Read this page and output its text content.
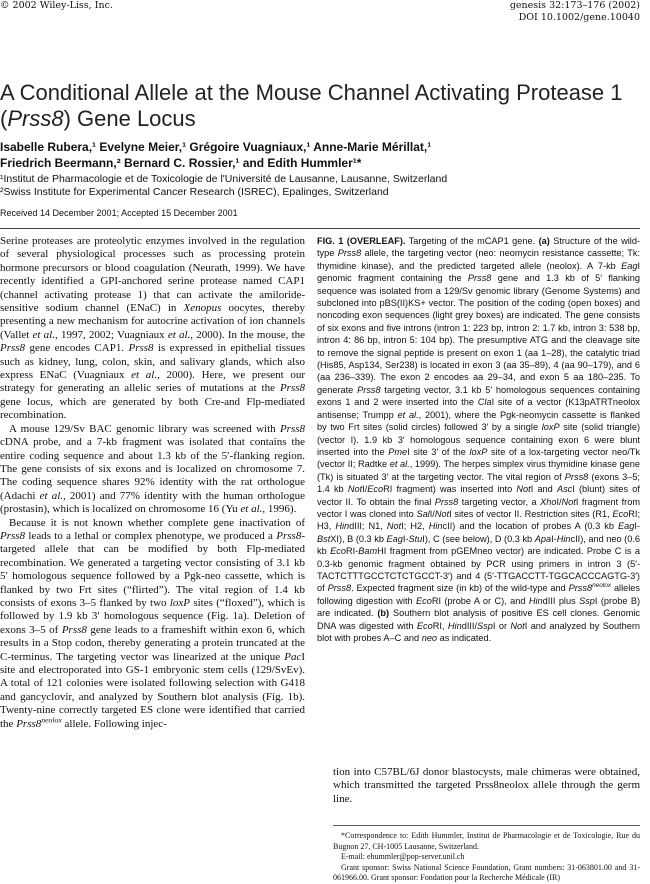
© 2002 Wiley-Liss, Inc.	genesis 32:173–176 (2002)
DOI 10.1002/gene.10040
A Conditional Allele at the Mouse Channel Activating Protease 1 (Prss8) Gene Locus
Isabelle Rubera,¹ Evelyne Meier,¹ Grégoire Vuagniaux,¹ Anne-Marie Mérillat,¹
Friedrich Beermann,² Bernard C. Rossier,¹ and Edith Hummler¹*
¹Institut de Pharmacologie et de Toxicologie de l'Université de Lausanne, Lausanne, Switzerland
²Swiss Institute for Experimental Cancer Research (ISREC), Epalinges, Switzerland
Received 14 December 2001; Accepted 15 December 2001

Serine proteases are proteolytic enzymes involved in the regulation of several physiological processes such as processing protein hormone precursors or blood coagulation (Neurath, 1999). We have recently identified a GPI-anchored serine protease named CAP1 (channel activating protease 1) that can activate the amiloride-sensitive sodium channel (ENaC) in Xenopus oocytes, thereby presenting a new mechanism for autocrine activation of ion channels (Vallet et al., 1997, 2002; Vuagniaux et al., 2000). In the mouse, the Prss8 gene encodes CAP1. Prss8 is expressed in epithelial tissues such as kidney, lung, colon, skin, and salivary glands, which also express ENaC (Vuagniaux et al., 2000). Here, we present our strategy for generating an allelic series of mutations at the Prss8 gene locus, which are generated by both Cre-and Flp-mediated recombination.

A mouse 129/Sv BAC genomic library was screened with Prss8 cDNA probe, and a 7-kb fragment was isolated that contains the entire coding sequence and about 1.3 kb of the 5′-flanking region. The gene consists of six exons and is localized on chromosome 7. The coding sequence shares 92% identity with the rat orthologue (Adachi et al., 2001) and 77% identity with the human orthologue (prostasin), which is localized on chromosome 16 (Yu et al., 1996).

Because it is not known whether complete gene inactivation of Prss8 leads to a lethal or complex phenotype, we produced a Prss8-targeted allele that can be modified by both Flp-mediated recombination. We generated a targeting vector consisting of 3.1 kb 5′ homologous sequence followed by a Pgk-neo cassette, which is flanked by two Frt sites (“flirted”). The vital region of 1.4 kb consists of exons 3–5 flanked by two loxP sites (“floxed”), which is followed by 1.9 kb 3′ homologous sequence (Fig. 1a). Deletion of exons 3–5 of Prss8 gene leads to a frameshift within exon 6, which results in a Stop codon, thereby generating a protein truncated at the C-terminus. The targeting vector was linearized at the unique PacI site and electroporated into GS-1 embryonic stem cells (129/SvEv). A total of 121 colonies were isolated following selection with G418 and gancyclovir, and analyzed by Southern blot analysis (Fig. 1b). Twenty-nine correctly targeted ES clone were identified that carried the $Prss8^{neolox}$ allele. Following injec-

FIG. 1 (OVERLEAF). Targeting of the mCAP1 gene. (a) Structure of the wild-type Prss8 allele, the targeting vector (neo: neomycin resistance cassette; Tk: thymidine kinase), and the predicted targeted allele (neolox). A 7-kb EagI genomic fragment containing the Prss8 gene and 1.3 kb of 5′ flanking sequence was isolated from a 129/Sv genomic library (Genome Systems) and subcloned into pBS(II)KS+ vector. The position of the coding (open boxes) and noncoding exon sequences (light grey boxes) are indicated. The gene consists of six exons and five introns (intron 1: 223 bp, intron 2: 1.7 kb, intron 3: 538 bp, intron 4: 86 bp, intron 5: 104 bp). The presumptive ATG and the cleavage site to remove the signal peptide is present on exon 1 (aa 1–28), the catalytic triad (His85, Asp134, Ser238) is located in exon 3 (aa 35–89), 4 (aa 90–179), and 6 (aa 236–339). The exon 2 encodes aa 29–34, and exon 5 aa 180–235. To generate Prss8 targeting vector, 3.1 kb 5′ homologous sequences containing exons 1 and 2 were inserted into the ClaI site of a vector (K13pATRTneolox antisense; Trumpp et al., 2001), where the Pgk-neomycin cassette is flanked by two Frt sites (solid circles) followed 3′ by a single loxP site (solid triangle) (vector I). 1.9 kb 3′ homologous sequence containing exon 6 were blunt inserted into the PmeI site 3′ of the loxP site of a lox-targeting vector neo/Tk (vector II; Radtke et al., 1999). The herpes simplex virus thymidine kinase gene (Tk) is situated 3′ at the targeting vector. The vital region of Prss8 (exons 3–5; 1.4 kb NotI/EcoRI fragment) was inserted into NotI and AscI (blunt) sites of vector II. To obtain the final Prss8 targeting vector, a XhoI/NotI fragment from vector I was cloned into SalI/NotI sites of vector II. Restriction sites (R1, EcoRI; H3, HindIII; N1, NotI; H2, HincII) and the location of probes A (0.3 kb EagI-BstXI), B (0.3 kb EagI-StuI), C (see below), D (0.3 kb ApaI-HincII), and neo (0.6 kb EcoRI-BamHI fragment from pGEMneo vector) are indicated. Probe C is a 0.3-kb genomic fragment obtained by PCR using primers in intron 3 (5′-TACTCTTTGCCTCTCTGCCT-3′) and 4 (5′-TTGACCTT-TGGCACCCAGTG-3′) of Prss8. Expected fragment size (in kb) of the wild-type and $Prss8^{neolox}$ alleles following digestion with EcoRI (probe A or C), and HindIII plus SspI (probe B) are indicated. (b) Southern blot analysis of positive ES cell clones. Genomic DNA was digested with EcoRI, HindIII/SspI or NotI and analyzed by Southern blot with probes A–C and neo as indicated.

tion into C57BL/6J donor blastocysts, male chimeras were obtained, which transmitted the targeted Prss8neolox allele through the germ line.

*Correspondence to: Edith Hummler, Institut de Pharmacologie et de Toxicologie, Rue du Bugnon 27, CH-1005 Lausanne, Switzerland.

E-mail: ehummler@pop-server.unil.ch

Grant sponsor: Swiss National Science Foundation, Grant numbers: 31-063801.00 and 31-061966.00. Grant sponsor: Fondation pour la Recherche Médicale (IR)
